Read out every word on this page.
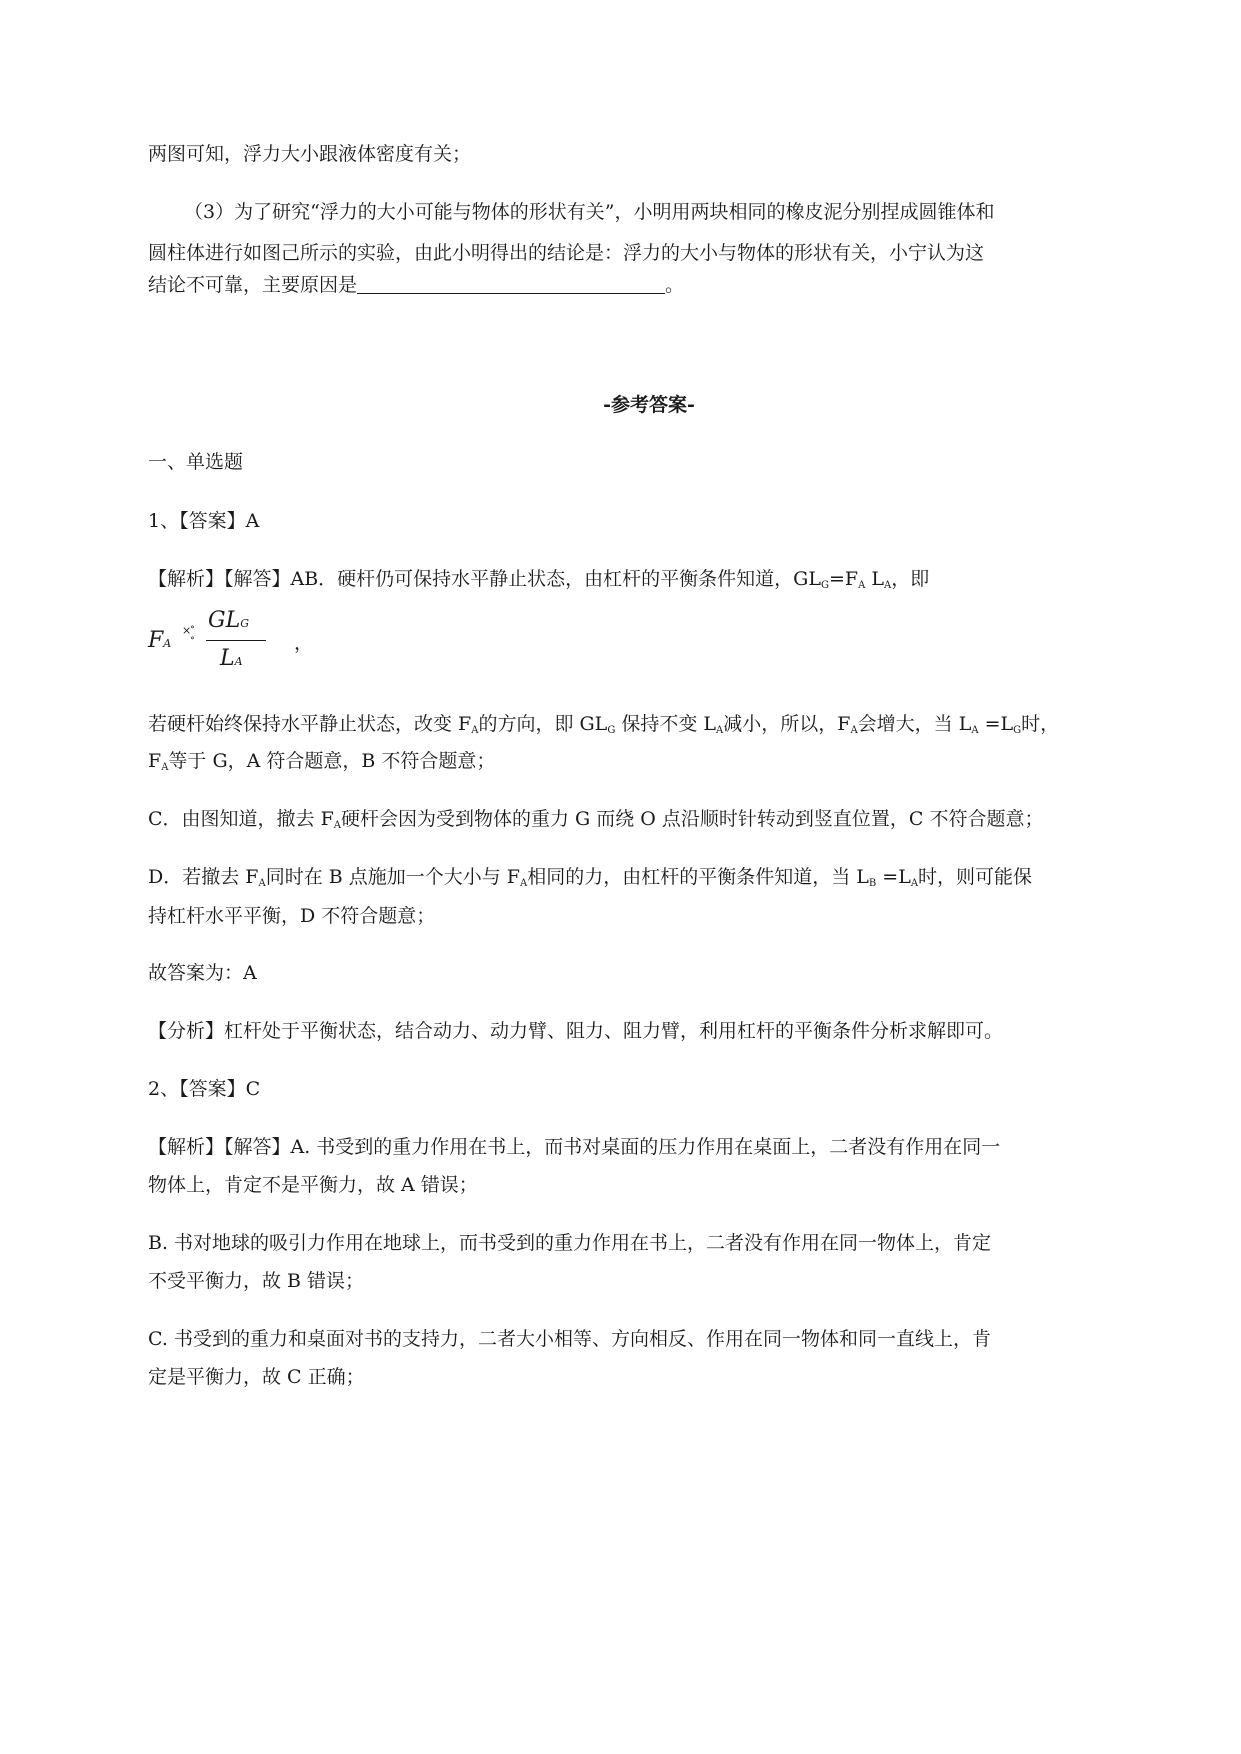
两图可知，浮力大小跟液体密度有关；
（3）为了研究“浮力的大小可能与物体的形状有关”，小明用两块相同的橡皮泥分别捏成圆锥体和
圆柱体进行如图己所示的实验，由此小明得出的结论是：浮力的大小与物体的形状有关，小宁认为这
结论不可靠，主要原因是	。
-参考答案-
一、单选题
1、【答案】A
【解析】【解答】AB．硬杆仍可保持水平静止状态，由杠杆的平衡条件知道，$GL_G=F_A$ $L_A$，即
FA
×
∘
∘
GLG
LA
，
若硬杆始终保持水平静止状态，改变 $F_A$的方向，即 $GL_G$ 保持不变 $L_A$减小，所以，$F_A$会增大，当 $L_A =L_G$时，
$F_A$等于 G，A 符合题意，B 不符合题意；
C．由图知道，撤去 $F_A$硬杆会因为受到物体的重力 G 而绕 O 点沿顺时针转动到竖直位置，C 不符合题意；
D．若撤去 $F_A$同时在 B 点施加一个大小与 $F_A$相同的力，由杠杆的平衡条件知道，当 $L_B =L_A$时，则可能保
持杠杆水平平衡，D 不符合题意；
故答案为：A
【分析】杠杆处于平衡状态，结合动力、动力臂、阻力、阻力臂，利用杠杆的平衡条件分析求解即可。
2、【答案】C
【解析】【解答】A. 书受到的重力作用在书上，而书对桌面的压力作用在桌面上，二者没有作用在同一
物体上，肯定不是平衡力，故 A 错误；
B. 书对地球的吸引力作用在地球上，而书受到的重力作用在书上，二者没有作用在同一物体上，肯定
不受平衡力，故 B 错误；
C. 书受到的重力和桌面对书的支持力，二者大小相等、方向相反、作用在同一物体和同一直线上，肯
定是平衡力，故 C 正确；
